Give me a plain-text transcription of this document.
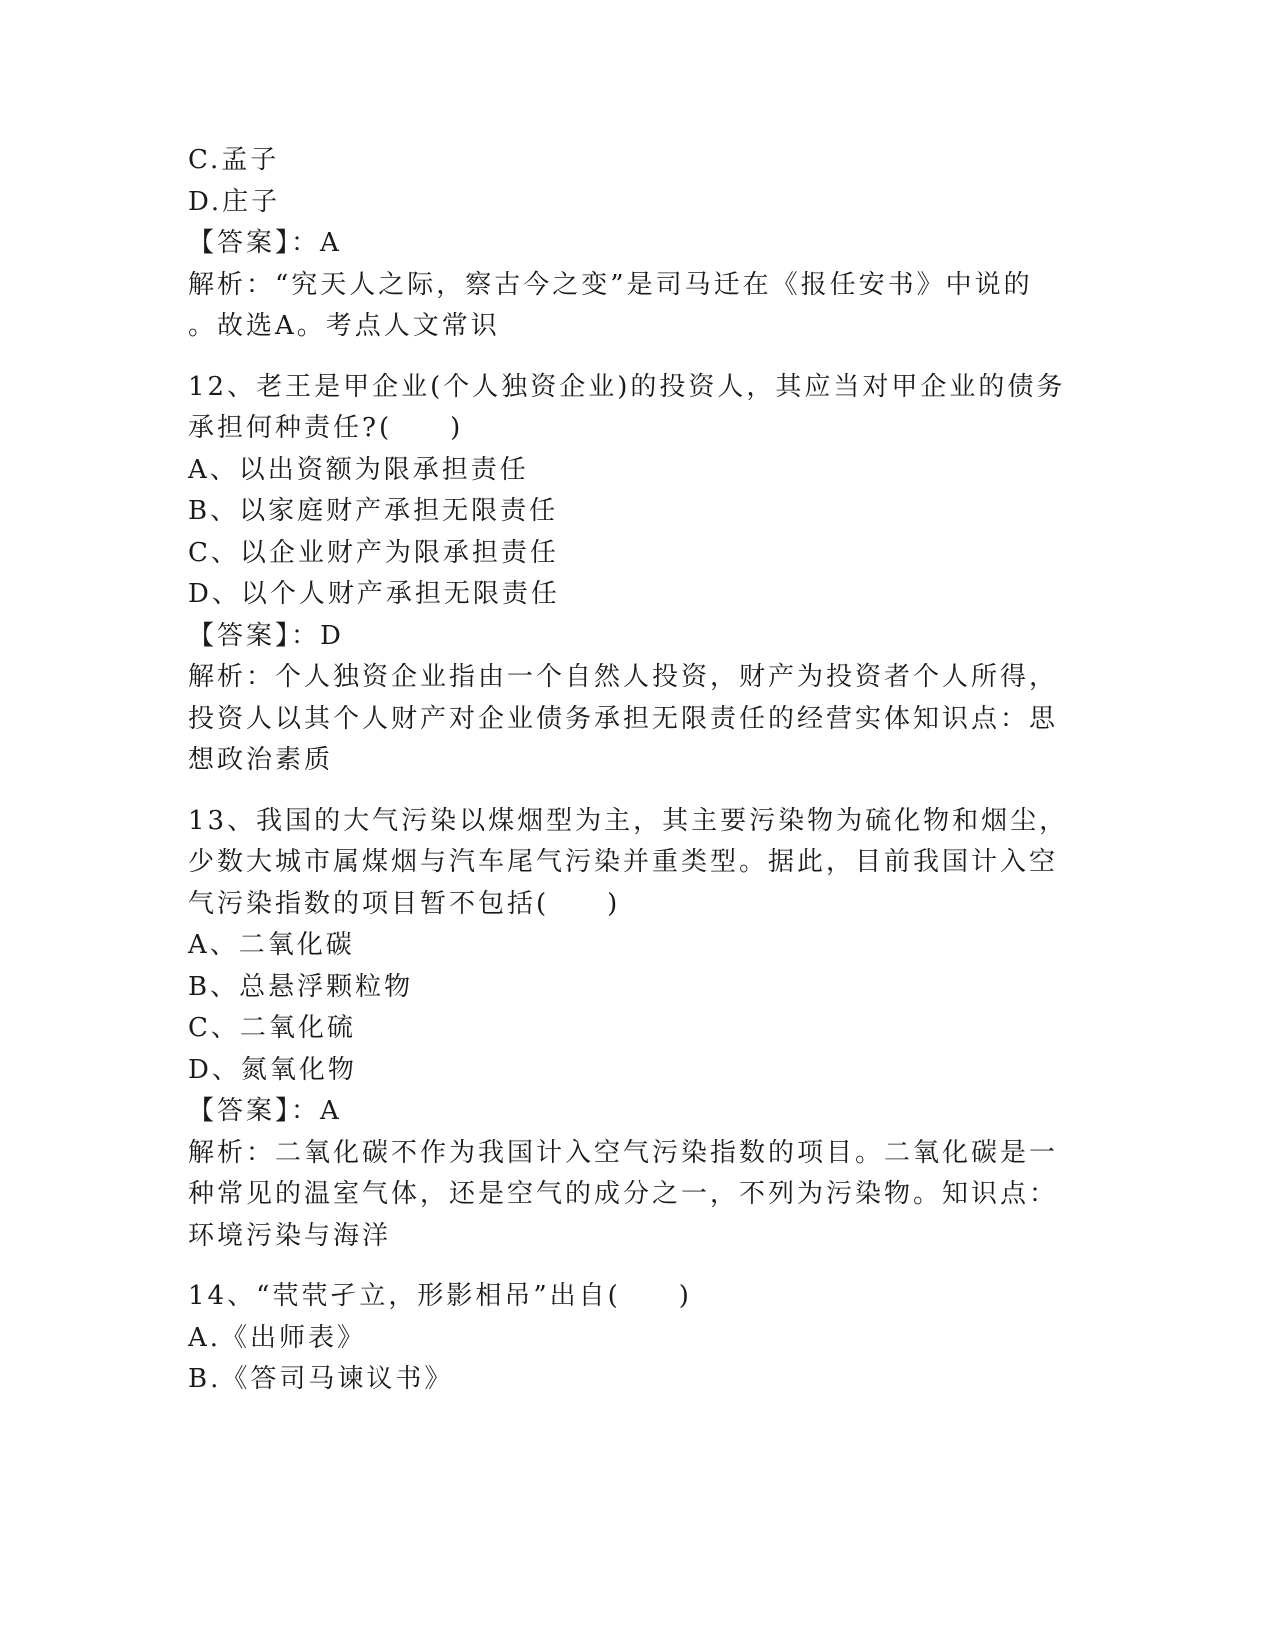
C.孟子
D.庄子
【答案】：A
解析：“究天人之际，察古今之变”是司马迁在《报任安书》中说的
。故选A。考点人文常识
12、老王是甲企业(个人独资企业)的投资人，其应当对甲企业的债务
承担何种责任?(　　)
A、以出资额为限承担责任
B、以家庭财产承担无限责任
C、以企业财产为限承担责任
D、以个人财产承担无限责任
【答案】：D
解析：个人独资企业指由一个自然人投资，财产为投资者个人所得，
投资人以其个人财产对企业债务承担无限责任的经营实体知识点：思
想政治素质
13、我国的大气污染以煤烟型为主，其主要污染物为硫化物和烟尘，
少数大城市属煤烟与汽车尾气污染并重类型。据此，目前我国计入空
气污染指数的项目暂不包括(　　)
A、二氧化碳
B、总悬浮颗粒物
C、二氧化硫
D、氮氧化物
【答案】：A
解析：二氧化碳不作为我国计入空气污染指数的项目。二氧化碳是一
种常见的温室气体，还是空气的成分之一，不列为污染物。知识点：
环境污染与海洋
14、“茕茕孑立，形影相吊”出自(　　)
A.《出师表》
B.《答司马谏议书》
